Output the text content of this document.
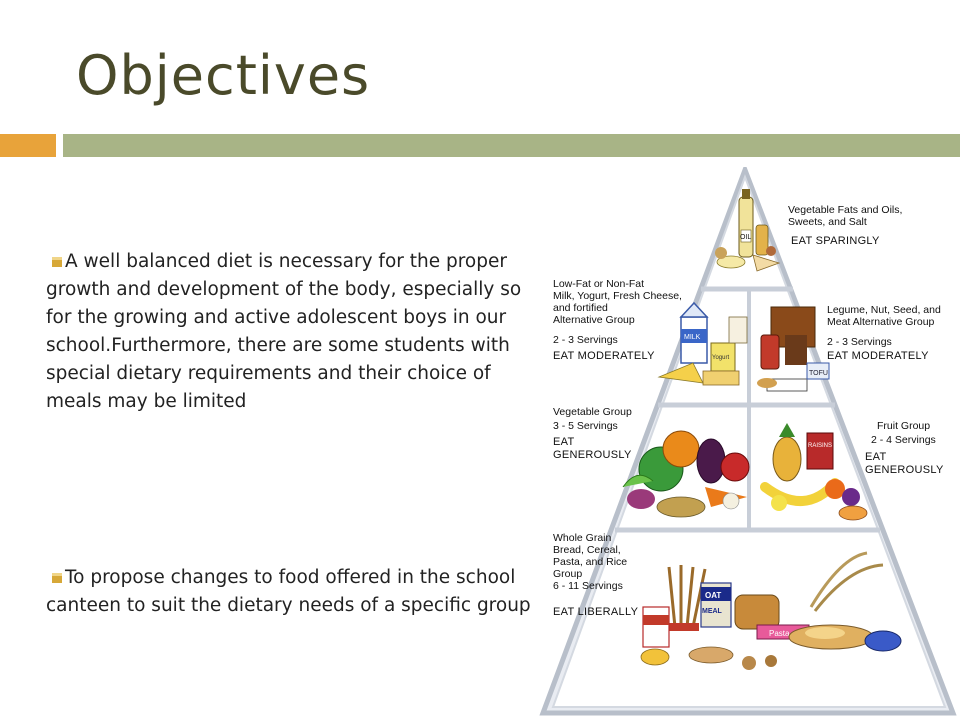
Objectives
A well balanced diet is necessary for the proper growth and development of the body, especially so for the growing and active adolescent boys in our school.Furthermore, there are some students with special dietary requirements and their choice of meals may be limited
To propose changes to food offered in the school canteen to suit the dietary needs of a specific group
OIL
Vegetable Fats and Oils,
Sweets, and Salt
EAT SPARINGLY
Low-Fat or Non-Fat
Milk, Yogurt, Fresh Cheese,
and fortified
Alternative Group
2 - 3 Servings
EAT MODERATELY
MILK
Yogurt
Legume, Nut, Seed, and
Meat Alternative Group
2 - 3 Servings
EAT MODERATELY
TOFU
Vegetable Group
3 - 5 Servings
EAT
GENEROUSLY
Fruit Group
2 - 4 Servings
EAT
GENEROUSLY
RAISINS
Whole Grain
Bread, Cereal,
Pasta, and Rice
Group
6 - 11 Servings
EAT LIBERALLY
OAT
MEAL
Pasta
